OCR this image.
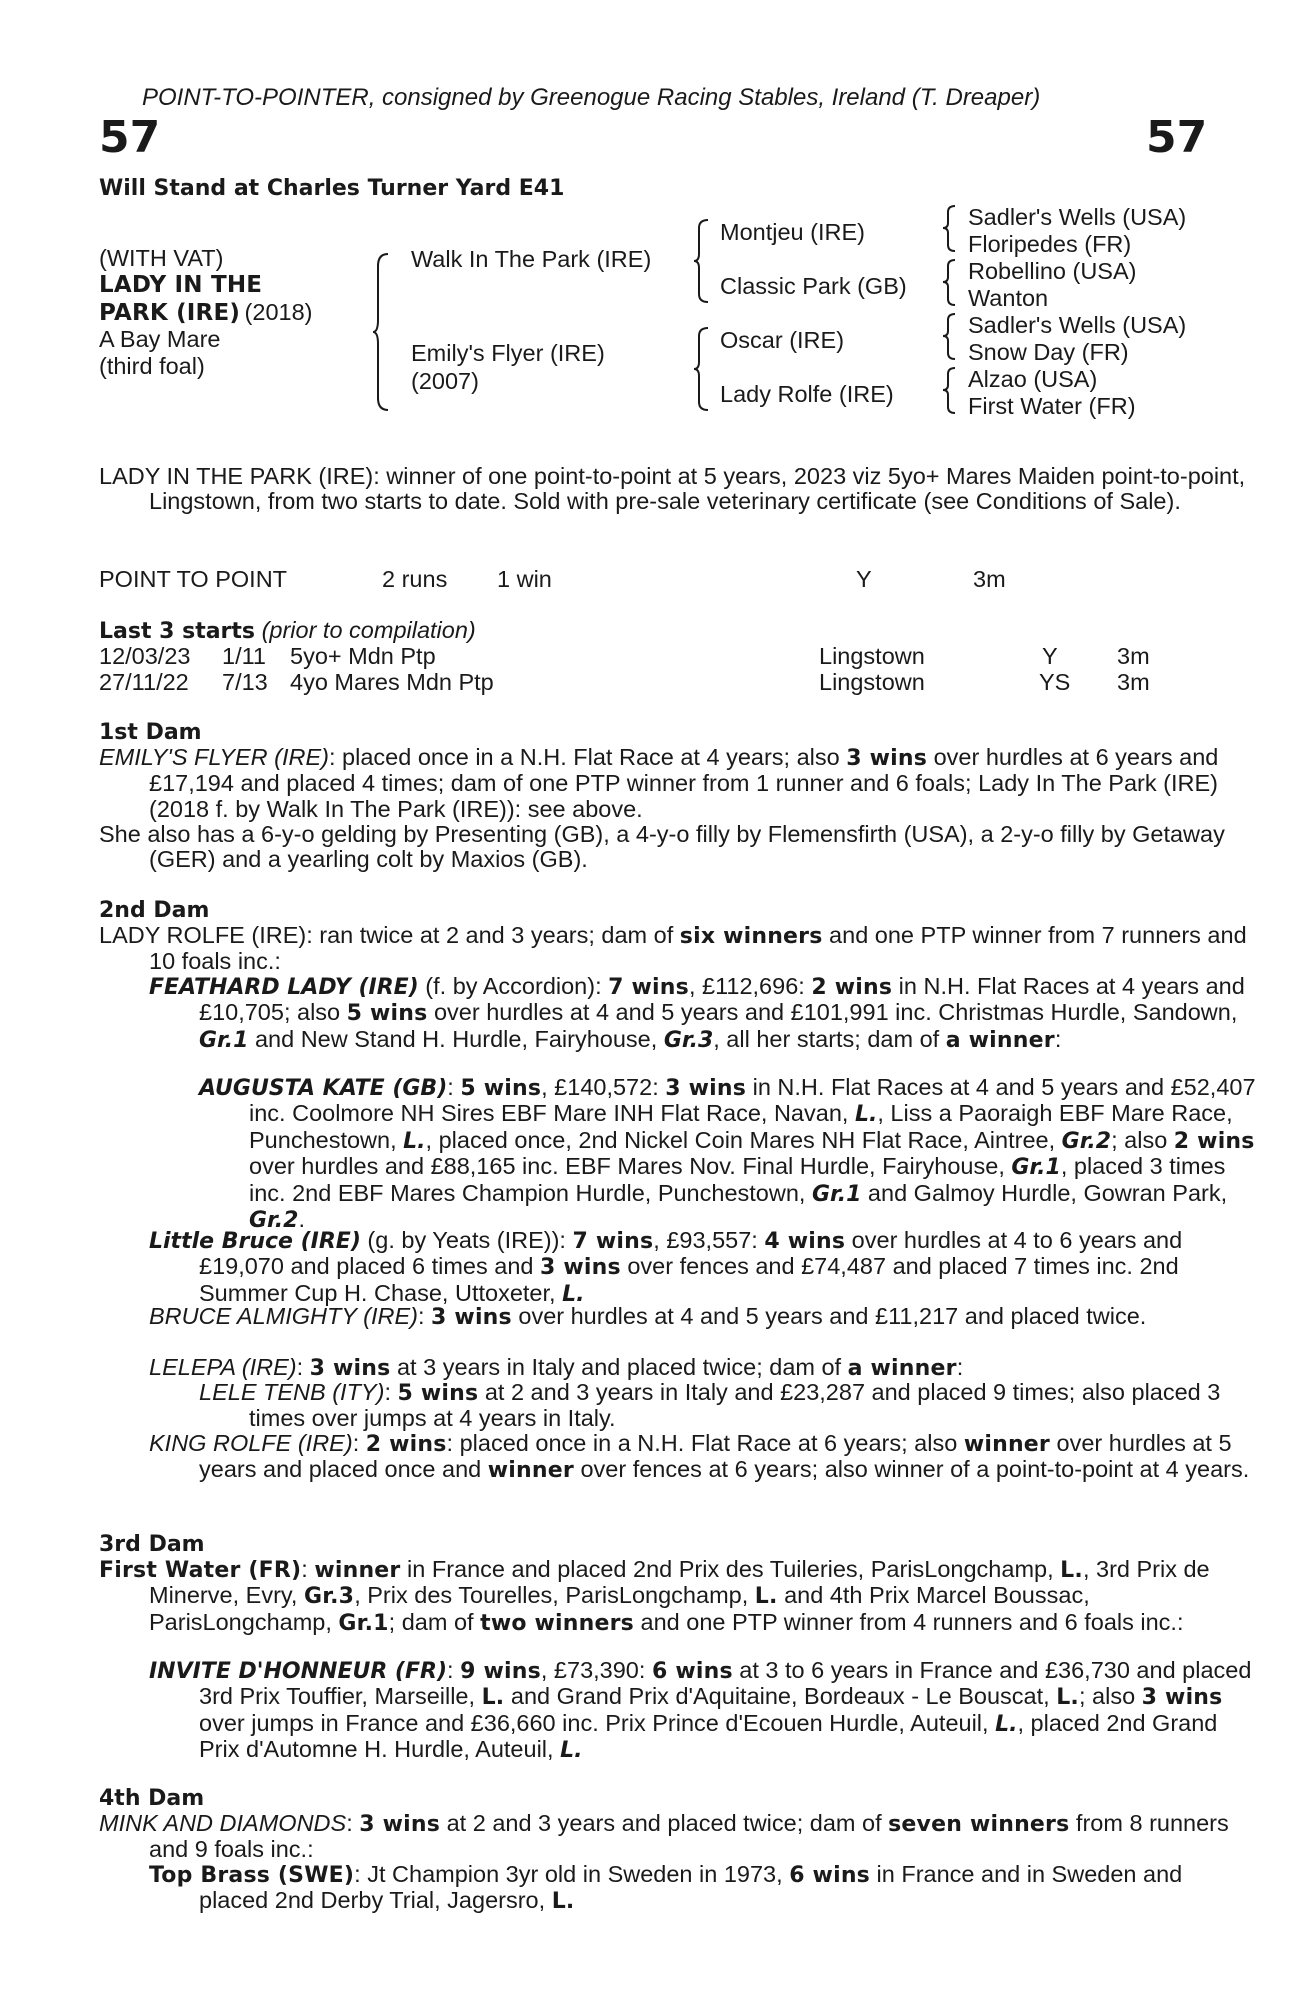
POINT-TO-POINTER, consigned by Greenogue Racing Stables, Ireland (T. Dreaper)
57	57
Will Stand at Charles Turner Yard E41
(WITH VAT)
LADY IN THE
PARK (IRE) (2018)
A Bay Mare
(third foal)
Walk In The Park (IRE)
Emily's Flyer (IRE)
(2007)
Montjeu (IRE)
Classic Park (GB)
Oscar (IRE)
Lady Rolfe (IRE)
Sadler's Wells (USA)
Floripedes (FR)
Robellino (USA)
Wanton
Sadler's Wells (USA)
Snow Day (FR)
Alzao (USA)
First Water (FR)
LADY IN THE PARK (IRE): winner of one point-to-point at 5 years, 2023 viz 5yo+ Mares Maiden point-to-point, Lingstown, from two starts to date. Sold with pre-sale veterinary certificate (see Conditions of Sale).
POINT TO POINT	2 runs 1 win	Y	3m
Last 3 starts (prior to compilation)
12/03/23 1/11 5yo+ Mdn Ptp	Lingstown	Y	3m
27/11/22 7/13 4yo Mares Mdn Ptp	Lingstown	YS 3m
1st Dam
EMILY'S FLYER (IRE): placed once in a N.H. Flat Race at 4 years; also 3 wins over hurdles at 6 years and £17,194 and placed 4 times; dam of one PTP winner from 1 runner and 6 foals; Lady In The Park (IRE) (2018 f. by Walk In The Park (IRE)): see above.
She also has a 6-y-o gelding by Presenting (GB), a 4-y-o filly by Flemensfirth (USA), a 2-y-o filly by Getaway (GER) and a yearling colt by Maxios (GB).
2nd Dam
LADY ROLFE (IRE): ran twice at 2 and 3 years; dam of six winners and one PTP winner from 7 runners and 10 foals inc.:
FEATHARD LADY (IRE) (f. by Accordion): 7 wins, £112,696: 2 wins in N.H. Flat Races at 4 years and £10,705; also 5 wins over hurdles at 4 and 5 years and £101,991 inc. Christmas Hurdle, Sandown, Gr.1 and New Stand H. Hurdle, Fairyhouse, Gr.3, all her starts; dam of a winner:
AUGUSTA KATE (GB): 5 wins, £140,572: 3 wins in N.H. Flat Races at 4 and 5 years and £52,407 inc. Coolmore NH Sires EBF Mare INH Flat Race, Navan, L., Liss a Paoraigh EBF Mare Race, Punchestown, L., placed once, 2nd Nickel Coin Mares NH Flat Race, Aintree, Gr.2; also 2 wins over hurdles and £88,165 inc. EBF Mares Nov. Final Hurdle, Fairyhouse, Gr.1, placed 3 times inc. 2nd EBF Mares Champion Hurdle, Punchestown, Gr.1 and Galmoy Hurdle, Gowran Park, Gr.2.
Little Bruce (IRE) (g. by Yeats (IRE)): 7 wins, £93,557: 4 wins over hurdles at 4 to 6 years and £19,070 and placed 6 times and 3 wins over fences and £74,487 and placed 7 times inc. 2nd Summer Cup H. Chase, Uttoxeter, L.
BRUCE ALMIGHTY (IRE): 3 wins over hurdles at 4 and 5 years and £11,217 and placed twice.
LELEPA (IRE): 3 wins at 3 years in Italy and placed twice; dam of a winner:
LELE TENB (ITY): 5 wins at 2 and 3 years in Italy and £23,287 and placed 9 times; also placed 3 times over jumps at 4 years in Italy.
KING ROLFE (IRE): 2 wins: placed once in a N.H. Flat Race at 6 years; also winner over hurdles at 5 years and placed once and winner over fences at 6 years; also winner of a point-to-point at 4 years.
3rd Dam
First Water (FR): winner in France and placed 2nd Prix des Tuileries, ParisLongchamp, L., 3rd Prix de Minerve, Evry, Gr.3, Prix des Tourelles, ParisLongchamp, L. and 4th Prix Marcel Boussac, ParisLongchamp, Gr.1; dam of two winners and one PTP winner from 4 runners and 6 foals inc.:
INVITE D'HONNEUR (FR): 9 wins, £73,390: 6 wins at 3 to 6 years in France and £36,730 and placed 3rd Prix Touffier, Marseille, L. and Grand Prix d'Aquitaine, Bordeaux - Le Bouscat, L.; also 3 wins over jumps in France and £36,660 inc. Prix Prince d'Ecouen Hurdle, Auteuil, L., placed 2nd Grand Prix d'Automne H. Hurdle, Auteuil, L.
4th Dam
MINK AND DIAMONDS: 3 wins at 2 and 3 years and placed twice; dam of seven winners from 8 runners and 9 foals inc.:
Top Brass (SWE): Jt Champion 3yr old in Sweden in 1973, 6 wins in France and in Sweden and placed 2nd Derby Trial, Jagersro, L.
